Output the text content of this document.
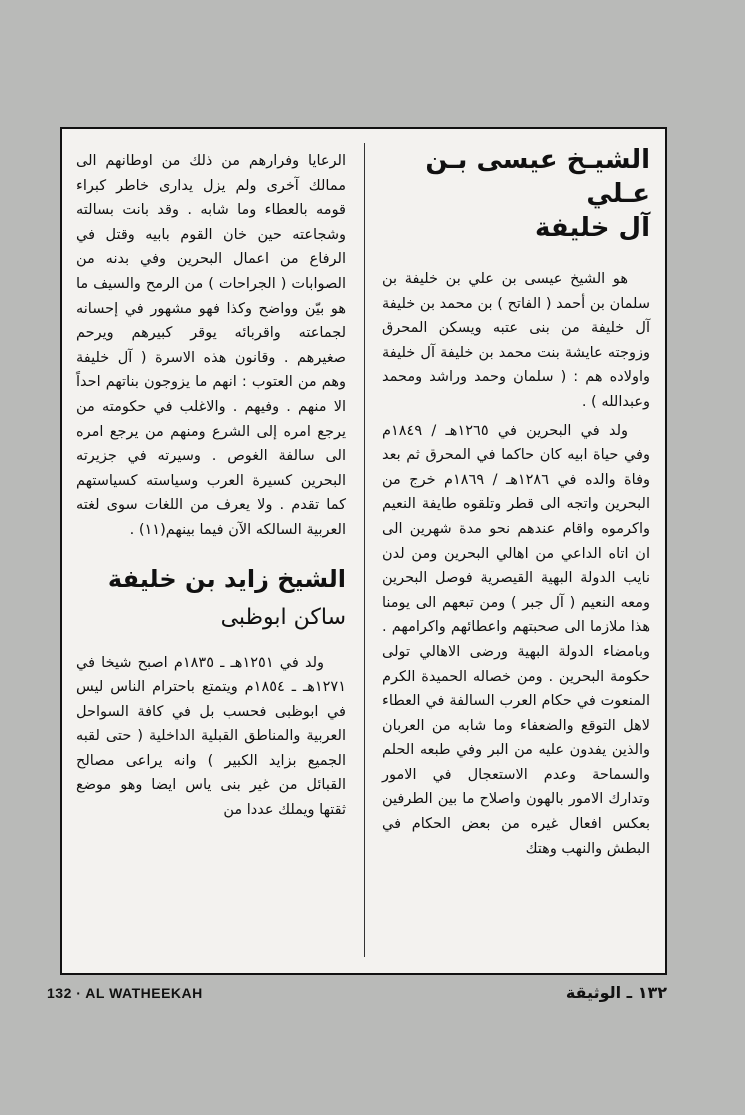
الشيـخ عيسى بـن عـلي
آل خليفة

هو الشيخ عيسى بن علي بن خليفة بن سلمان بن أحمد ( الفاتح ) بن محمد بن خليفة آل خليفة من بنى عتبه ويسكن المحرق وزوجته عايشة بنت محمد بن خليفة آل خليفة واولاده هم : ( سلمان وحمد وراشد ومحمد وعبدالله ) .

ولد في البحرين في ١٢٦٥هـ / ١٨٤٩م وفي حياة ابيه كان حاكما في المحرق ثم بعد وفاة والده في ١٢٨٦هـ / ١٨٦٩م خرج من البحرين واتجه الى قطر وتلقوه طايفة النعيم واكرموه واقام عندهم نحو مدة شهرين الى ان اتاه الداعي من اهالي البحرين ومن لدن نايب الدولة البهية القيصرية فوصل البحرين ومعه النعيم ( آل جبر ) ومن تبعهم الى يومنا هذا ملازما الى صحبتهم واعطائهم واكرامهم . وبامضاء الدولة البهية ورضى الاهالي تولى حكومة البحرين . ومن خصاله الحميدة الكرم المنعوت في حكام العرب السالفة في العطاء لاهل التوقع والضعفاء وما شابه من العربان والذين يفدون عليه من البر وفي طبعه الحلم والسماحة وعدم الاستعجال في الامور وتدارك الامور بالهون واصلاح ما بين الطرفين بعكس افعال غيره من بعض الحكام في البطش والنهب وهتك

الرعايا وفرارهم من ذلك من اوطانهم الى ممالك آخرى ولم يزل يدارى خاطر كبراء قومه بالعطاء وما شابه . وقد بانت بسالته وشجاعته حين خان القوم بابيه وقتل في الرفاع من اعمال البحرين وفي بدنه من الصوابات ( الجراحات ) من الرمح والسيف ما هو بيّن وواضح وكذا فهو مشهور في إحسانه لجماعته واقربائه يوقر كبيرهم ويرحم صغيرهم . وقانون هذه الاسرة ( آل خليفة وهم من العتوب : انهم ما يزوجون بناتهم احداً الا منهم . وفيهم . والاغلب في حكومته من يرجع امره إلى الشرع ومنهم من يرجع امره الى سالفة الغوص . وسيرته في جزيرته البحرين كسيرة العرب وسياسته كسياستهم كما تقدم . ولا يعرف من اللغات سوى لغته العربية السالكه الآن فيما بينهم(١١) .

الشيخ زايد بن خليفة
ساكن ابوظبى

ولد في ١٢٥١هـ ـ ١٨٣٥م اصبح شيخا في ١٢٧١هـ ـ ١٨٥٤م ويتمتع باحترام الناس ليس في ابوظبى فحسب بل في كافة السواحل العربية والمناطق القبلية الداخلية ( حتى لقبه الجميع بزايد الكبير ) وانه يراعى مصالح القبائل من غير بنى ياس ايضا وهو موضع ثقتها ويملك عددا من

132 · AL WATHEEKAH	١٣٢ ـ الوثيقة
